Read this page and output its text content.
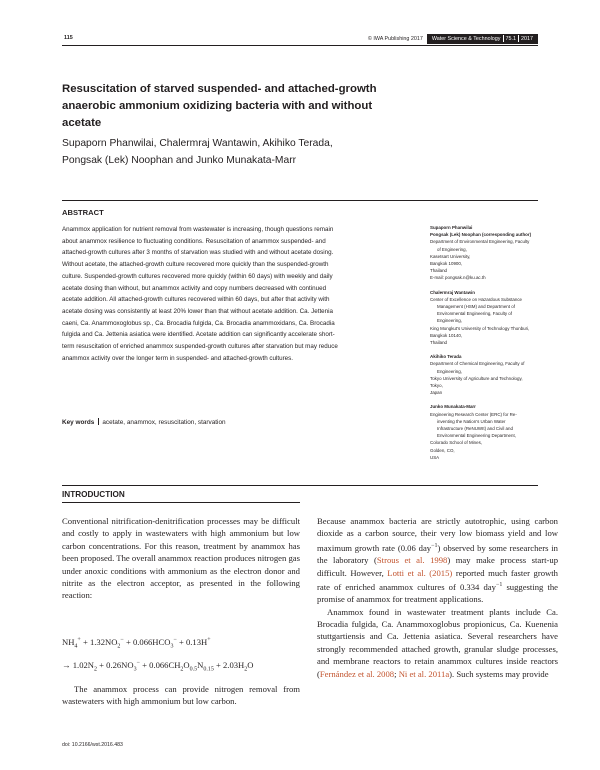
115	© IWA Publishing 2017	Water Science & Technology 75.1 2017
Resuscitation of starved suspended- and attached-growth
anaerobic ammonium oxidizing bacteria with and without
acetate

Supaporn Phanwilai, Chalermraj Wantawin, Akihiko Terada,
Pongsak (Lek) Noophan and Junko Munakata-Marr

ABSTRACT

Anammox application for nutrient removal from wastewater is increasing, though questions remain
about anammox resilience to fluctuating conditions. Resuscitation of anammox suspended- and
attached-growth cultures after 3 months of starvation was studied with and without acetate dosing.
Without acetate, the attached-growth culture recovered more quickly than the suspended-growth
culture. Suspended-growth cultures recovered more quickly (within 60 days) with weekly and daily
acetate dosing than without, but anammox activity and copy numbers decreased with continued
acetate addition. All attached-growth cultures recovered within 60 days, but after that activity with
acetate dosing was consistently at least 20% lower than that without acetate addition. Ca. Jettenia
caeni, Ca. Anammoxoglobus sp., Ca. Brocadia fulgida, Ca. Brocadia anammoxidans, Ca. Brocadia
fulgida and Ca. Jettenia asiatica were identified. Acetate addition can significantly accelerate short-
term resuscitation of enriched anammox suspended-growth cultures after starvation but may reduce
anammox activity over the longer term in suspended- and attached-growth cultures.

Key words acetate, anammox, resuscitation, starvation
Supaporn Phanwilai
Pongsak (Lek) Noophan (corresponding author)
Department of Environmental Engineering, Faculty
of Engineering,
Kasetsart University,
Bangkok 10900,
Thailand
E-mail: pongsak.n@ku.ac.th
Chalermraj Wantawin
Center of Excellence on Hazardous Substance
Management (HSM) and Department of
Environmental Engineering, Faculty of
Engineering,
King Mongkut's University of Technology Thonburi,
Bangkok 10140,
Thailand
Akihiko Terada
Department of Chemical Engineering, Faculty of
Engineering,
Tokyo University of Agriculture and Technology,
Tokyo,
Japan
Junko Munakata-Marr
Engineering Research Center (ERC) for Re-
inventing the Nation's Urban Water
Infrastructure (ReNUWIt) and Civil and
Environmental Engineering Department,
Colorado School of Mines,
Golden, CO,
USA
INTRODUCTION

Conventional nitrification-denitrification processes may be difficult and costly to apply in wastewaters with high ammonium but low carbon concentrations. For this reason, treatment by anammox has been proposed. The overall anammox reaction produces nitrogen gas under anoxic conditions with ammonium as the electron donor and nitrite as the electron acceptor, as presented in the following reaction:

$NH_4^+ + 1.32NO_2^- + 0.066HCO_3^- + 0.13H^+$
→ $1.02N_2 + 0.26NO_3^- + 0.066CH_2O_{0.5}N_{0.15} + 2.03H_2O$

The anammox process can provide nitrogen removal from wastewaters with high ammonium but low carbon.

Because anammox bacteria are strictly autotrophic, using carbon dioxide as a carbon source, their very low biomass yield and low maximum growth rate (0.06 day$^{-1}$) observed by some researchers in the laboratory (Strous et al. 1998) may make process start-up difficult. However, Lotti et al. (2015) reported much faster growth rate of enriched anammox cultures of 0.334 day$^{-1}$ suggesting the promise of anammox for treatment applications.
Anammox found in wastewater treatment plants include Ca. Brocadia fulgida, Ca. Anammoxoglobus propionicus, Ca. Kuenenia stuttgartiensis and Ca. Jettenia asiatica. Several researchers have strongly recommended attached growth, granular sludge processes, and membrane reactors to retain anammox cultures inside reactors (Fernández et al. 2008; Ni et al. 2011a). Such systems may provide

doi: 10.2166/wst.2016.483
